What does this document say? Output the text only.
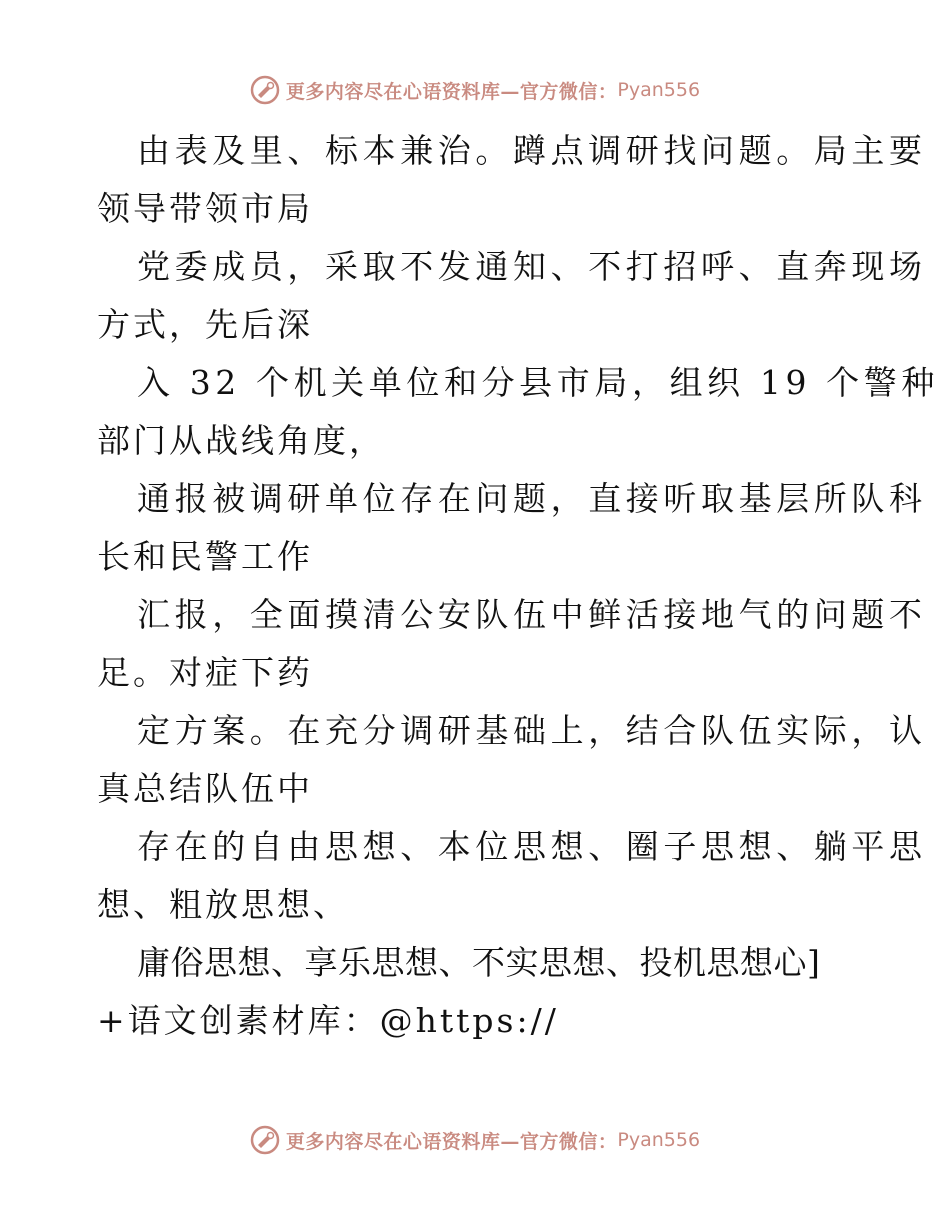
更多内容尽在心语资料库—官方微信： Pyan556
由表及里、标本兼治。蹲点调研找问题。局主要
领导带领市局
党委成员，采取不发通知、不打招呼、直奔现场
方式，先后深
入 32 个机关单位和分县市局，组织 19 个警种
部门从战线角度，
通报被调研单位存在问题，直接听取基层所队科
长和民警工作
汇报，全面摸清公安队伍中鲜活接地气的问题不
足。对症下药
定方案。在充分调研基础上，结合队伍实际，认
真总结队伍中
存在的自由思想、本位思想、圈子思想、躺平思
想、粗放思想、
庸俗思想、享乐思想、不实思想、投机思想心]
+语文创素材库：@https://
更多内容尽在心语资料库—官方微信： Pyan556
